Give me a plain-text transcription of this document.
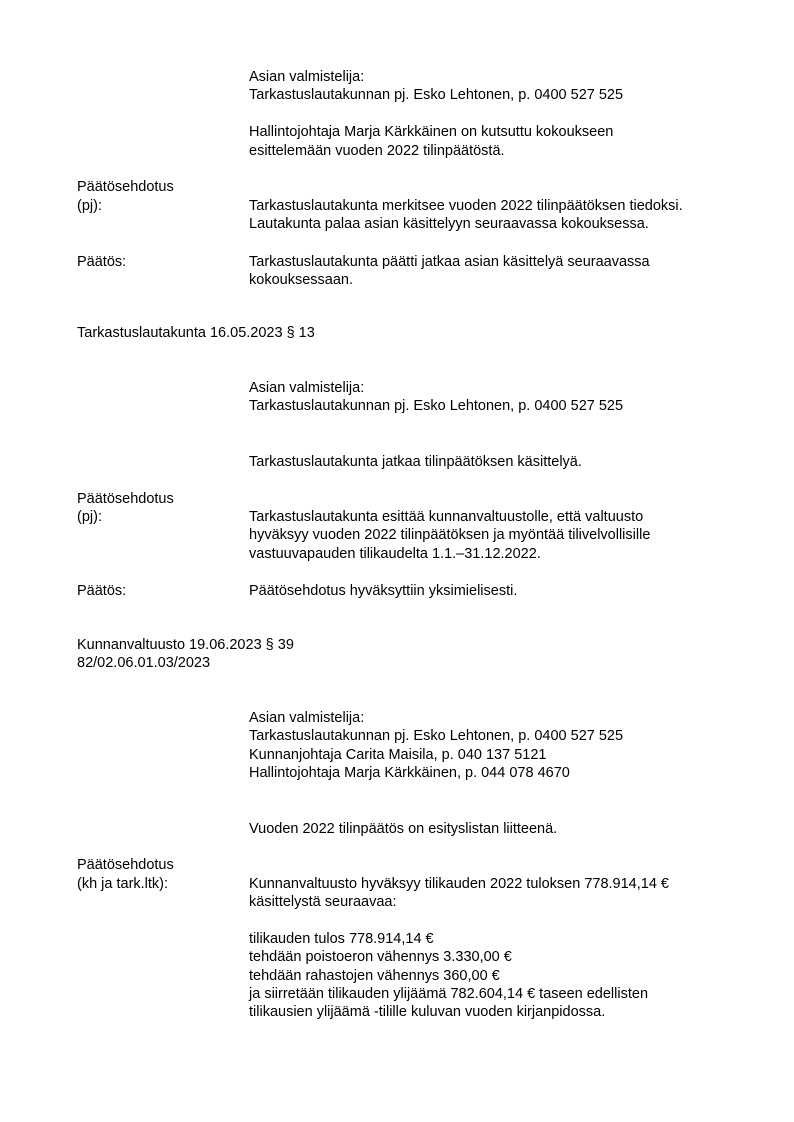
Asian valmistelija:
Tarkastuslautakunnan pj. Esko Lehtonen, p. 0400 527 525
Hallintojohtaja Marja Kärkkäinen on kutsuttu kokoukseen
esittelemään vuoden 2022 tilinpäätöstä.
Päätösehdotus
(pj):	Tarkastuslautakunta merkitsee vuoden 2022 tilinpäätöksen tiedoksi.
Lautakunta palaa asian käsittelyyn seuraavassa kokouksessa.
Päätös:	Tarkastuslautakunta päätti jatkaa asian käsittelyä seuraavassa
kokouksessaan.
Tarkastuslautakunta 16.05.2023 § 13
Asian valmistelija:
Tarkastuslautakunnan pj. Esko Lehtonen, p. 0400 527 525
Tarkastuslautakunta jatkaa tilinpäätöksen käsittelyä.
Päätösehdotus
(pj):	Tarkastuslautakunta esittää kunnanvaltuustolle, että valtuusto
hyväksyy vuoden 2022 tilinpäätöksen ja myöntää tilivelvollisille
vastuuvapauden tilikaudelta 1.1.–31.12.2022.
Päätös:	Päätösehdotus hyväksyttiin yksimielisesti.
Kunnanvaltuusto 19.06.2023 § 39
82/02.06.01.03/2023
Asian valmistelija:
Tarkastuslautakunnan pj. Esko Lehtonen, p. 0400 527 525
Kunnanjohtaja Carita Maisila, p. 040 137 5121
Hallintojohtaja Marja Kärkkäinen, p. 044 078 4670
Vuoden 2022 tilinpäätös on esityslistan liitteenä.
Päätösehdotus
(kh ja tark.ltk):	Kunnanvaltuusto hyväksyy tilikauden 2022 tuloksen 778.914,14 €
käsittelystä seuraavaa:
tilikauden tulos 778.914,14 €
tehdään poistoeron vähennys 3.330,00 €
tehdään rahastojen vähennys 360,00 €
ja siirretään tilikauden ylijäämä 782.604,14 € taseen edellisten
tilikausien ylijäämä -tilille kuluvan vuoden kirjanpidossa.
